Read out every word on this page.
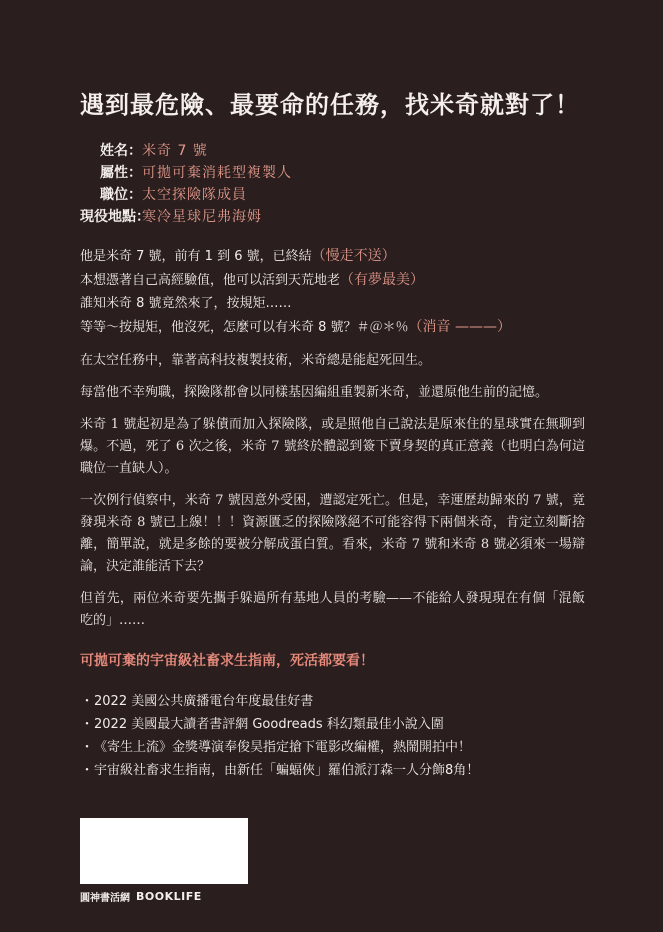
遇到最危險、最要命的任務，找米奇就對了！
姓名： 米奇 7 號
屬性： 可拋可棄消耗型複製人
職位： 太空探險隊成員
現役地點：
寒冷星球尼弗海姆
他是米奇 7 號，前有 1 到 6 號，已終結（慢走不送）
本想憑著自己高經驗值，他可以活到天荒地老（有夢最美）
誰知米奇 8 號竟然來了，按規矩……
等等～按規矩，他沒死，怎麼可以有米奇 8 號？＃＠＊％（消音 ———）

在太空任務中，靠著高科技複製技術，米奇總是能起死回生。

每當他不幸殉職，探險隊都會以同樣基因編組重製新米奇，並還原他生前的記憶。

米奇 1 號起初是為了躲債而加入探險隊，或是照他自己說法是原來住的星球實在無聊到爆。不過，死了 6 次之後，米奇 7 號終於體認到簽下賣身契的真正意義（也明白為何這職位一直缺人）。

一次例行偵察中，米奇 7 號因意外受困，遭認定死亡。但是，幸運歷劫歸來的 7 號，竟發現米奇 8 號已上線！！！資源匱乏的探險隊絕不可能容得下兩個米奇，肯定立刻斷捨離，簡單說，就是多餘的要被分解成蛋白質。看來，米奇 7 號和米奇 8 號必須來一場辯論，決定誰能活下去？

但首先，兩位米奇要先攜手躲過所有基地人員的考驗——不能給人發現現在有個「混飯吃的」……

可拋可棄的宇宙級社畜求生指南，死活都要看！
・2022 美國公共廣播電台年度最佳好書
・2022 美國最大讀者書評網 Goodreads 科幻類最佳小說入圍
・《寄生上流》金獎導演奉俊昊指定搶下電影改編權，熱鬧開拍中！
・宇宙級社畜求生指南，由新任「蝙蝠俠」羅伯派汀森一人分飾8角！
圓神書活網 BOOKLIFE
